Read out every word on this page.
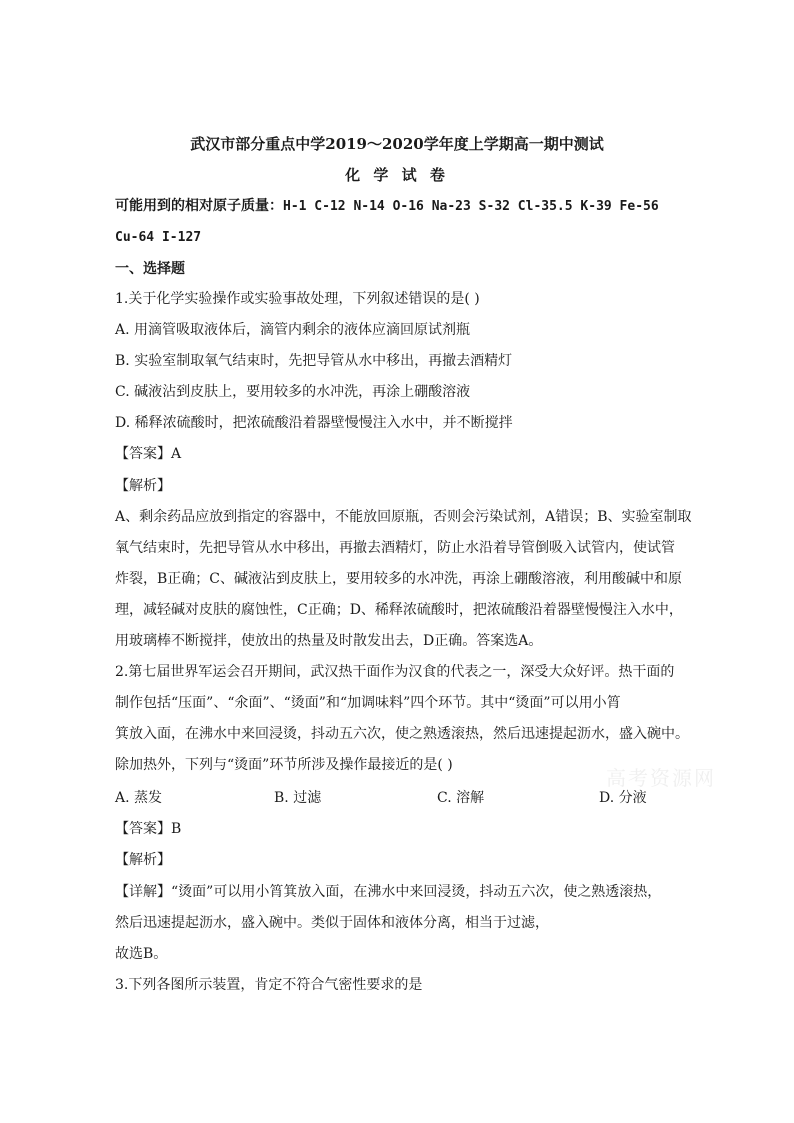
武汉市部分重点中学2019～2020学年度上学期高一期中测试
化 学 试 卷
可能用到的相对原子质量：H-1 C-12 N-14 O-16 Na-23 S-32 Cl-35.5 K-39 Fe-56
Cu-64 I-127
一、选择题
1.关于化学实验操作或实验事故处理，下列叙述错误的是( )
A. 用滴管吸取液体后，滴管内剩余的液体应滴回原试剂瓶
B. 实验室制取氧气结束时，先把导管从水中移出，再撤去酒精灯
C. 碱液沾到皮肤上，要用较多的水冲洗，再涂上硼酸溶液
D. 稀释浓硫酸时，把浓硫酸沿着器壁慢慢注入水中，并不断搅拌
【答案】A
【解析】
A、剩余药品应放到指定的容器中，不能放回原瓶，否则会污染试剂，A错误；B、实验室制取
氧气结束时，先把导管从水中移出，再撤去酒精灯，防止水沿着导管倒吸入试管内，使试管
炸裂，B正确；C、碱液沾到皮肤上，要用较多的水冲洗，再涂上硼酸溶液，利用酸碱中和原
理，减轻碱对皮肤的腐蚀性，C正确；D、稀释浓硫酸时，把浓硫酸沿着器壁慢慢注入水中，
用玻璃棒不断搅拌，使放出的热量及时散发出去，D正确。答案选A。
2.第七届世界军运会召开期间，武汉热干面作为汉食的代表之一，深受大众好评。热干面的
制作包括“压面”、“氽面”、“烫面”和“加调味料”四个环节。其中“烫面”可以用小筲
箕放入面，在沸水中来回浸烫，抖动五六次，使之熟透滚热，然后迅速提起沥水，盛入碗中。
除加热外，下列与“烫面”环节所涉及操作最接近的是( )
A. 蒸发	B. 过滤	C. 溶解	D. 分液
【答案】B
【解析】
【详解】“烫面”可以用小筲箕放入面，在沸水中来回浸烫，抖动五六次，使之熟透滚热，
然后迅速提起沥水，盛入碗中。类似于固体和液体分离，相当于过滤，
故选B。
3.下列各图所示装置，肯定不符合气密性要求的是
高考资源网
